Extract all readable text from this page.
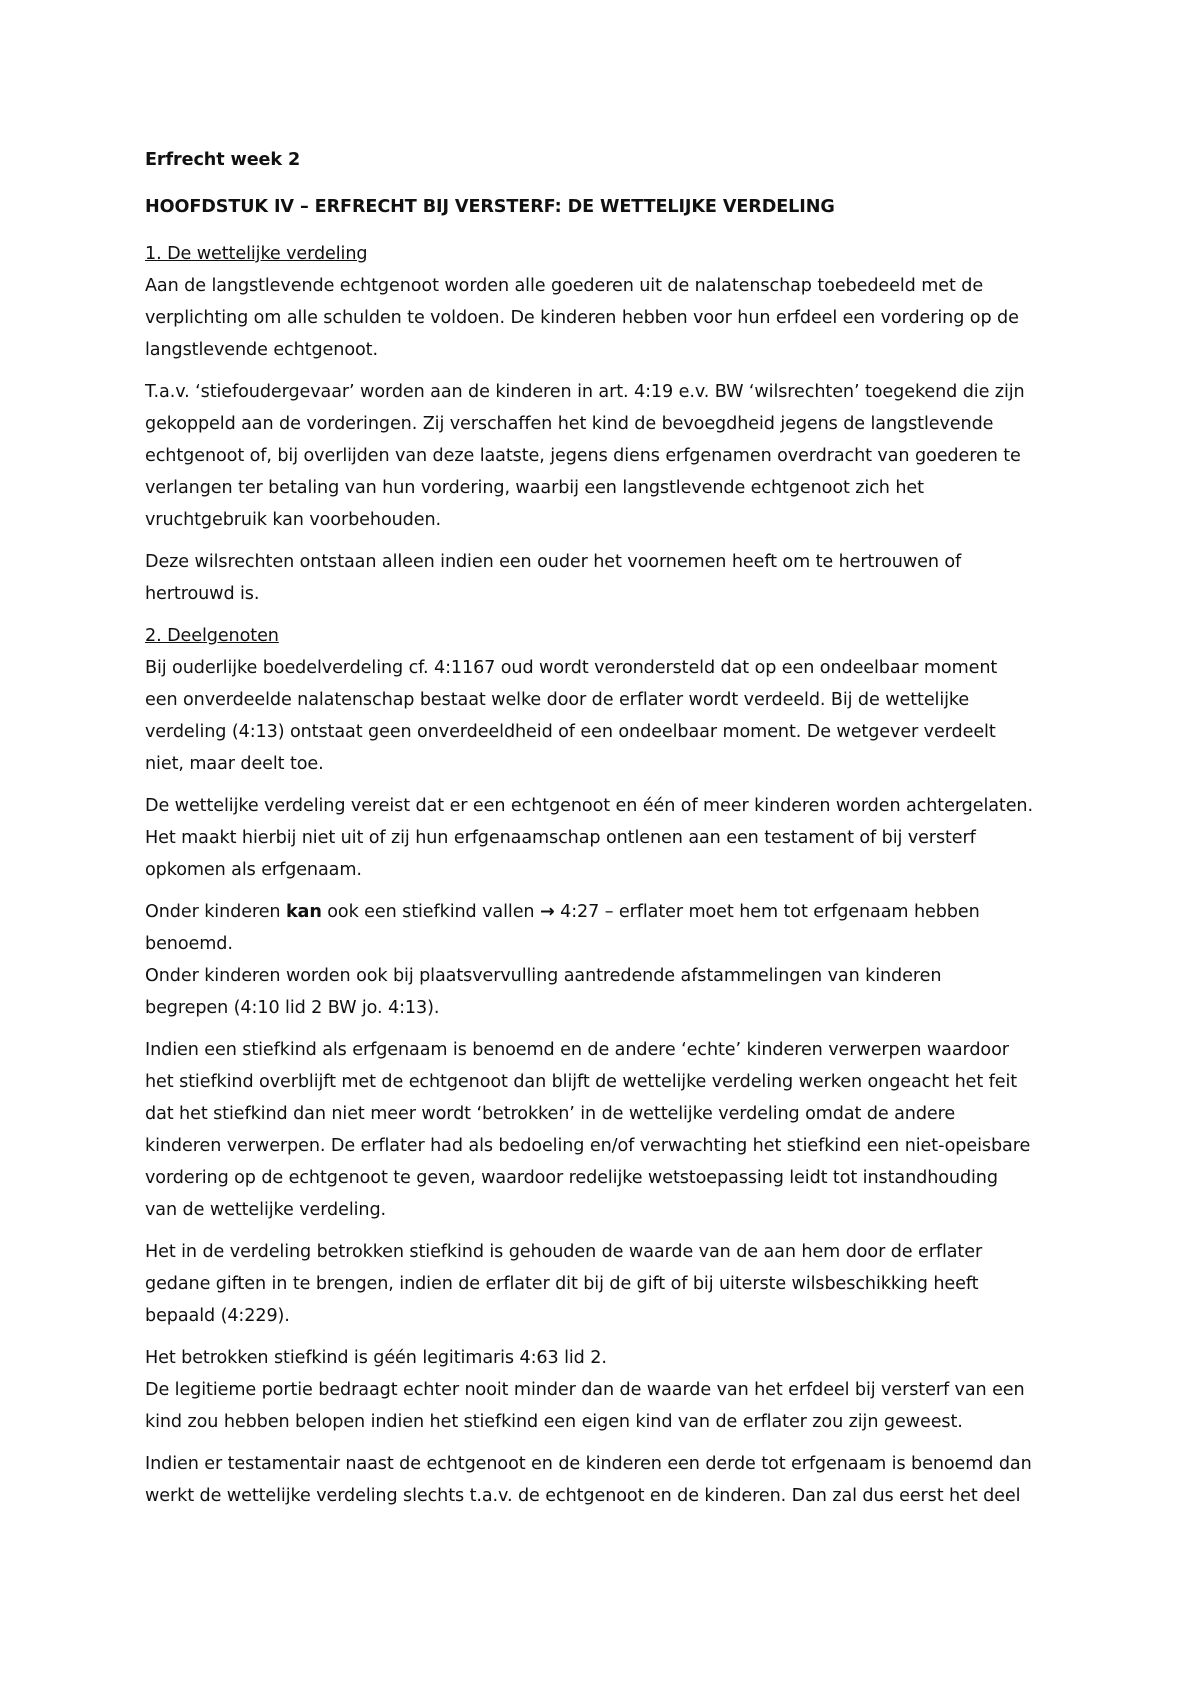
Erfrecht week 2
HOOFDSTUK IV – ERFRECHT BIJ VERSTERF: DE WETTELIJKE VERDELING
1. De wettelijke verdeling
Aan de langstlevende echtgenoot worden alle goederen uit de nalatenschap toebedeeld met de
verplichting om alle schulden te voldoen. De kinderen hebben voor hun erfdeel een vordering op de
langstlevende echtgenoot.
T.a.v. ‘stiefoudergevaar’ worden aan de kinderen in art. 4:19 e.v. BW ‘wilsrechten’ toegekend die zijn
gekoppeld aan de vorderingen. Zij verschaffen het kind de bevoegdheid jegens de langstlevende
echtgenoot of, bij overlijden van deze laatste, jegens diens erfgenamen overdracht van goederen te
verlangen ter betaling van hun vordering, waarbij een langstlevende echtgenoot zich het
vruchtgebruik kan voorbehouden.
Deze wilsrechten ontstaan alleen indien een ouder het voornemen heeft om te hertrouwen of
hertrouwd is.
2. Deelgenoten
Bij ouderlijke boedelverdeling cf. 4:1167 oud wordt verondersteld dat op een ondeelbaar moment
een onverdeelde nalatenschap bestaat welke door de erflater wordt verdeeld. Bij de wettelijke
verdeling (4:13) ontstaat geen onverdeeldheid of een ondeelbaar moment. De wetgever verdeelt
niet, maar deelt toe.
De wettelijke verdeling vereist dat er een echtgenoot en één of meer kinderen worden achtergelaten.
Het maakt hierbij niet uit of zij hun erfgenaamschap ontlenen aan een testament of bij versterf
opkomen als erfgenaam.
Onder kinderen kan ook een stiefkind vallen → 4:27 – erflater moet hem tot erfgenaam hebben
benoemd.
Onder kinderen worden ook bij plaatsvervulling aantredende afstammelingen van kinderen
begrepen (4:10 lid 2 BW jo. 4:13).
Indien een stiefkind als erfgenaam is benoemd en de andere ‘echte’ kinderen verwerpen waardoor
het stiefkind overblijft met de echtgenoot dan blijft de wettelijke verdeling werken ongeacht het feit
dat het stiefkind dan niet meer wordt ‘betrokken’ in de wettelijke verdeling omdat de andere
kinderen verwerpen. De erflater had als bedoeling en/of verwachting het stiefkind een niet-opeisbare
vordering op de echtgenoot te geven, waardoor redelijke wetstoepassing leidt tot instandhouding
van de wettelijke verdeling.
Het in de verdeling betrokken stiefkind is gehouden de waarde van de aan hem door de erflater
gedane giften in te brengen, indien de erflater dit bij de gift of bij uiterste wilsbeschikking heeft
bepaald (4:229).
Het betrokken stiefkind is géén legitimaris 4:63 lid 2.
De legitieme portie bedraagt echter nooit minder dan de waarde van het erfdeel bij versterf van een
kind zou hebben belopen indien het stiefkind een eigen kind van de erflater zou zijn geweest.
Indien er testamentair naast de echtgenoot en de kinderen een derde tot erfgenaam is benoemd dan
werkt de wettelijke verdeling slechts t.a.v. de echtgenoot en de kinderen. Dan zal dus eerst het deel
